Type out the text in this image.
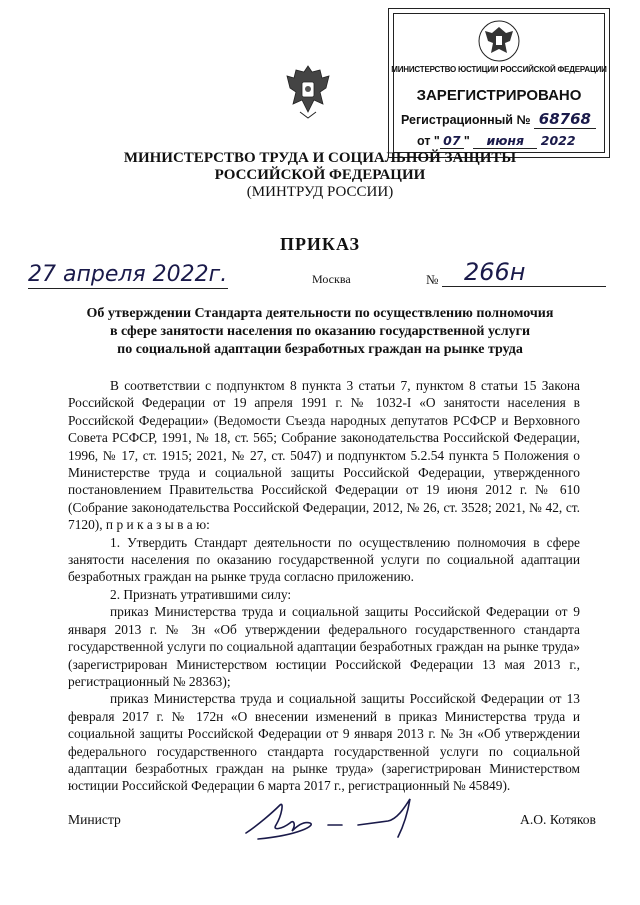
МИНИСТЕРСТВО ЮСТИЦИИ РОССИЙСКОЙ ФЕДЕРАЦИИ
ЗАРЕГИСТРИРОВАНО
Регистрационный № 68768
от " 07 " июня 2022
МИНИСТЕРСТВО ТРУДА И СОЦИАЛЬНОЙ ЗАЩИТЫ
РОССИЙСКОЙ ФЕДЕРАЦИИ
(МИНТРУД РОССИИ)
ПРИКАЗ
27 апреля 2022г.	Москва	№	266н
Об утверждении Стандарта деятельности по осуществлению полномочия
в сфере занятости населения по оказанию государственной услуги
по социальной адаптации безработных граждан на рынке труда

В соответствии с подпунктом 8 пункта 3 статьи 7, пунктом 8 статьи 15 Закона Российской Федерации от 19 апреля 1991 г. № 1032-I «О занятости населения в Российской Федерации» (Ведомости Съезда народных депутатов РСФСР и Верховного Совета РСФСР, 1991, № 18, ст. 565; Собрание законодательства Российской Федерации, 1996, № 17, ст. 1915; 2021, № 27, ст. 5047) и подпунктом 5.2.54 пункта 5 Положения о Министерстве труда и социальной защиты Российской Федерации, утвержденного постановлением Правительства Российской Федерации от 19 июня 2012 г. № 610 (Собрание законодательства Российской Федерации, 2012, № 26, ст. 3528; 2021, № 42, ст. 7120), п р и к а з ы в а ю:

1. Утвердить Стандарт деятельности по осуществлению полномочия в сфере занятости населения по оказанию государственной услуги по социальной адаптации безработных граждан на рынке труда согласно приложению.

2. Признать утратившими силу:

приказ Министерства труда и социальной защиты Российской Федерации от 9 января 2013 г. № 3н «Об утверждении федерального государственного стандарта государственной услуги по социальной адаптации безработных граждан на рынке труда» (зарегистрирован Министерством юстиции Российской Федерации 13 мая 2013 г., регистрационный № 28363);

приказ Министерства труда и социальной защиты Российской Федерации от 13 февраля 2017 г. № 172н «О внесении изменений в приказ Министерства труда и социальной защиты Российской Федерации от 9 января 2013 г. № 3н «Об утверждении федерального государственного стандарта государственной услуги по социальной адаптации безработных граждан на рынке труда» (зарегистрирован Министерством юстиции Российской Федерации 6 марта 2017 г., регистрационный № 45849).

Министр	А.О. Котяков
